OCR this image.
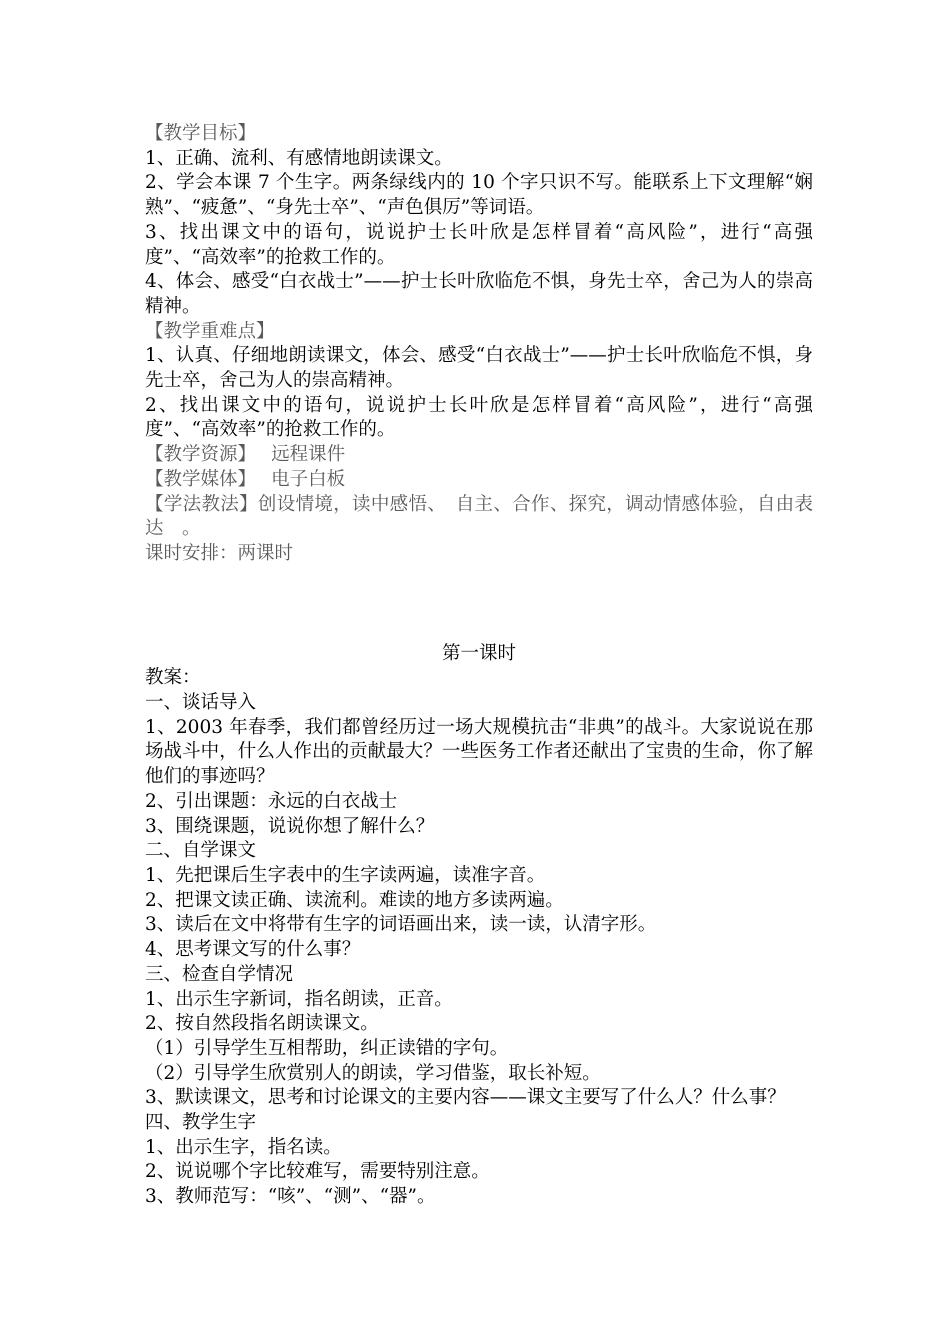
【教学目标】
1、正确、流利、有感情地朗读课文。
2、学会本课 7 个生字。两条绿线内的 10 个字只识不写。能联系上下文理解“娴熟”、“疲惫”、“身先士卒”、“声色俱厉”等词语。
3、找出课文中的语句，说说护士长叶欣是怎样冒着“高风险”，进行“高强度”、“高效率”的抢救工作的。
4、体会、感受“白衣战士”——护士长叶欣临危不惧，身先士卒，舍己为人的崇高精神。
【教学重难点】
1、认真、仔细地朗读课文，体会、感受“白衣战士”——护士长叶欣临危不惧，身先士卒，舍己为人的崇高精神。
2、找出课文中的语句，说说护士长叶欣是怎样冒着“高风险”，进行“高强度”、“高效率”的抢救工作的。
【教学资源】　 远程课件
【教学媒体】　 电子白板
【学法教法】创设情境，读中感悟、　自主、合作、探究，调动情感体验，自由表达　。
课时安排：两课时
第一课时
教案：
一、谈话导入
1、2003 年春季，我们都曾经历过一场大规模抗击“非典”的战斗。大家说说在那场战斗中，什么人作出的贡献最大？一些医务工作者还献出了宝贵的生命，你了解他们的事迹吗？
2、引出课题：永远的白衣战士
3、围绕课题，说说你想了解什么？
二、自学课文
1、先把课后生字表中的生字读两遍，读准字音。
2、把课文读正确、读流利。难读的地方多读两遍。
3、读后在文中将带有生字的词语画出来，读一读，认清字形。
4、思考课文写的什么事？
三、检查自学情况
1、出示生字新词，指名朗读，正音。
2、按自然段指名朗读课文。
（1）引导学生互相帮助，纠正读错的字句。
（2）引导学生欣赏别人的朗读，学习借鉴，取长补短。
3、默读课文，思考和讨论课文的主要内容——课文主要写了什么人？什么事？
四、教学生字
1、出示生字，指名读。
2、说说哪个字比较难写，需要特别注意。
3、教师范写：“咳”、“测”、“器”。
